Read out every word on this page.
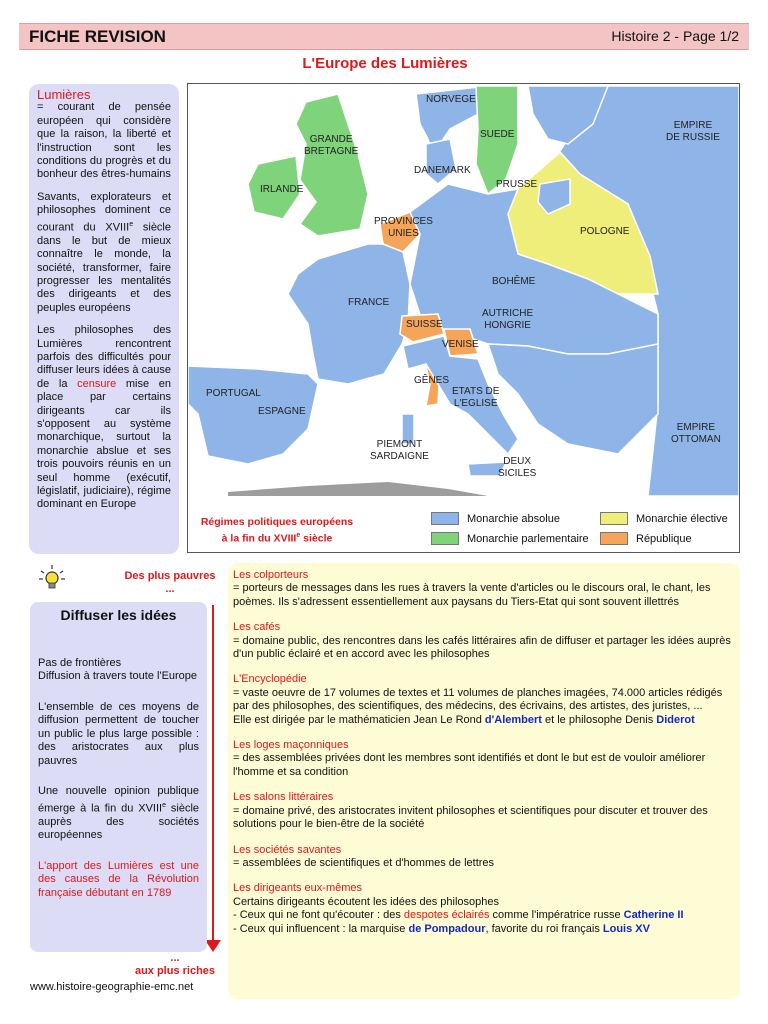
FICHE REVISION	Histoire 2 - Page 1/2
L'Europe des Lumières
Lumières

= courant de pensée européen qui considère que la raison, la liberté et l'instruction sont les conditions du progrès et du bonheur des êtres-humains

Savants, explorateurs et philosophes dominent ce courant du XVIIIe siècle dans le but de mieux connaître le monde, la société, transformer, faire progresser les mentalités des dirigeants et des peuples européens

Les philosophes des Lumières rencontrent parfois des difficultés pour diffuser leurs idées à cause de la censure mise en place par certains dirigeants car ils s'opposent au système monarchique, surtout la monarchie abslue et ses trois pouvoirs réunis en un seul homme (exécutif, législatif, judiciaire), régime dominant en Europe

NORVEGE
SUEDE
EMPIRE
DE RUSSIE
GRANDE
BRETAGNE
DANEMARK
IRLANDE	PRUSSE
POLOGNE
PROVINCES
UNIES
BOHÊME
FRANCE
AUTRICHE
HONGRIE
SUISSE
VENISE
GÊNES
PORTUGAL
ESPAGNE
ETATS DE
L'EGLISE
EMPIRE
OTTOMAN
PIEMONT
SARDAIGNE	DEUX
SICILES
Régimes politiques européens
à la fin du XVIIIe siècle
Monarchie absolue	Monarchie élective
Monarchie parlementaire	République
Des plus pauvres
...
...
aux plus riches
Diffuser les idées

Pas de frontières
Diffusion à travers toute l'Europe

L'ensemble de ces moyens de diffusion permettent de toucher un public le plus large possible : des aristocrates aux plus pauvres

Une nouvelle opinion publique émerge à la fin du XVIIIe siècle auprès des sociétés européennes

L'apport des Lumières est une des causes de la Révolution française débutant en 1789

Les colporteurs
= porteurs de messages dans les rues à travers la vente d'articles ou le discours oral, le chant, les poèmes. Ils s'adressent essentiellement aux paysans du Tiers-Etat qui sont souvent illettrés
Les cafés
= domaine public, des rencontres dans les cafés littéraires afin de diffuser et partager les idées auprès d'un public éclairé et en accord avec les philosophes
L'Encyclopédie
= vaste oeuvre de 17 volumes de textes et 11 volumes de planches imagées, 74.000 articles rédigés par des philosophes, des scientifiques, des médecins, des écrivains, des artistes, des juristes, ...
Elle est dirigée par le mathématicien Jean Le Rond d'Alembert et le philosophe Denis Diderot
Les loges maçonniques
= des assemblées privées dont les membres sont identifiés et dont le but est de vouloir améliorer l'homme et sa condition
Les salons littéraires
= domaine privé, des aristocrates invitent philosophes et scientifiques pour discuter et trouver des solutions pour le bien-être de la société
Les sociétés savantes
= assemblées de scientifiques et d'hommes de lettres
Les dirigeants eux-mêmes
Certains dirigeants écoutent les idées des philosophes
- Ceux qui ne font qu'écouter : des despotes éclairés comme l'impératrice russe Catherine II
- Ceux qui influencent : la marquise de Pompadour, favorite du roi français Louis XV
www.histoire-geographie-emc.net
